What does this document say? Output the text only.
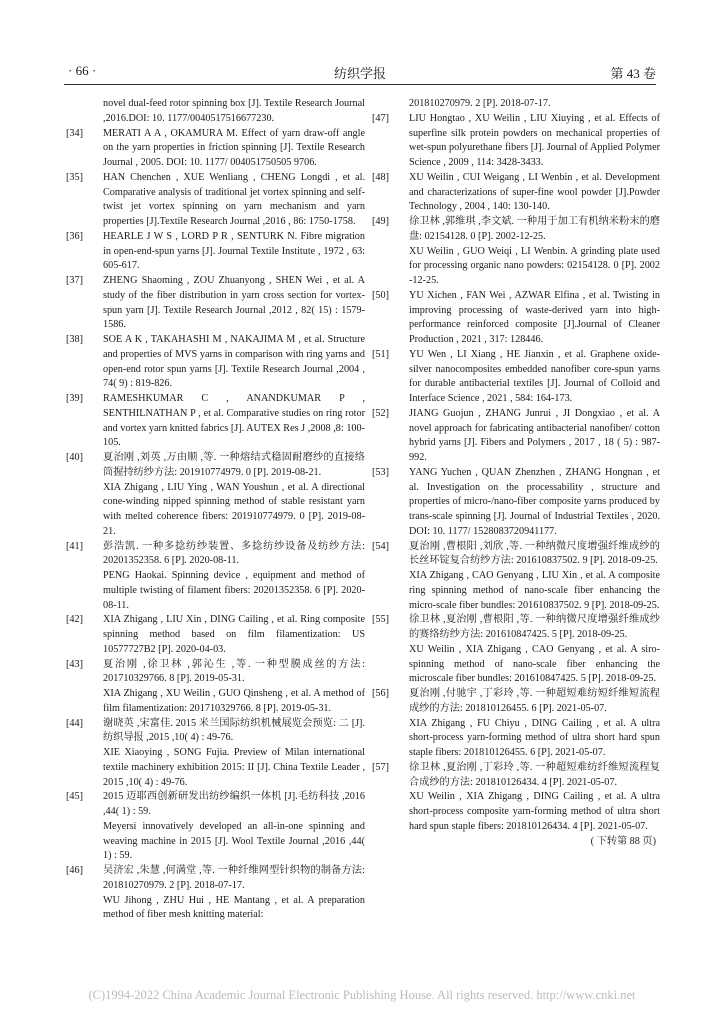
· 66 ·	纺织学报	第 43 卷

novel dual-feed rotor spinning box [J]. Textile Research Journal ,2016.DOI: 10. 1177/0040517516677230.

[34] MERATI A A , OKAMURA M. Effect of yarn draw-off angle on the yarn properties in friction spinning [J]. Textile Research Journal , 2005. DOI: 10. 1177/ 004051750505 9706.

[35] HAN Chenchen , XUE Wenliang , CHENG Longdi , et al. Comparative analysis of traditional jet vortex spinning and self-twist jet vortex spinning on yarn mechanism and yarn properties [J].Textile Research Journal ,2016 , 86: 1750-1758.

[36] HEARLE J W S , LORD P R , SENTURK N. Fibre migration in open-end-spun yarns [J]. Journal Textile Institute , 1972 , 63: 605-617.

[37] ZHENG Shaoming , ZOU Zhuanyong , SHEN Wei , et al. A study of the fiber distribution in yarn cross section for vortex-spun yarn [J]. Textile Research Journal ,2012 , 82( 15) : 1579-1586.

[38] SOE A K , TAKAHASHI M , NAKAJIMA M , et al. Structure and properties of MVS yarns in comparison with ring yarns and open-end rotor spun yarns [J]. Textile Research Journal ,2004 , 74( 9) : 819-826.

[39] RAMESHKUMAR C , ANANDKUMAR P , SENTHILNATHAN P , et al. Comparative studies on ring rotor and vortex yarn knitted fabrics [J]. AUTEX Res J ,2008 ,8: 100-105.

[40] 夏治刚 ,刘英 ,万由顺 ,等. 一种熔结式稳固耐磨纱的直接络筒握持纺纱方法: 201910774979. 0 [P]. 2019-08-21.

XIA Zhigang , LIU Ying , WAN Youshun , et al. A directional cone-winding nipped spinning method of stable resistant yarn with melted coherence fibers: 201910774979. 0 [P]. 2019-08-21.

[41] 彭浩凯. 一种多捻纺纱装置、多捻纺纱设备及纺纱方法: 20201352358. 6 [P]. 2020-08-11.

PENG Haokai. Spinning device , equipment and method of multiple twisting of filament fibers: 20201352358. 6 [P]. 2020-08-11.

[42] XIA Zhigang , LIU Xin , DING Cailing , et al. Ring composite spinning method based on film filamentization: US 10577727B2 [P]. 2020-04-03.

[43] 夏治刚 ,徐卫林 ,郭沁生 ,等. 一种型膜成丝的方法: 201710329766. 8 [P]. 2019-05-31.

XIA Zhigang , XU Weilin , GUO Qinsheng , et al. A method of film filamentization: 201710329766. 8 [P]. 2019-05-31.

[44] 谢晓英 ,宋富佳. 2015 米兰国际纺织机械展览会预览: 二 [J].纺织导报 ,2015 ,10( 4) : 49-76.

XIE Xiaoying , SONG Fujia. Preview of Milan international textile machinery exhibition 2015: II [J]. China Textile Leader , 2015 ,10( 4) : 49-76.

[45] 2015 迈耶西创新研发出纺纱编织一体机 [J].毛纺科技 ,2016 ,44( 1) : 59.

Meyersi innovatively developed an all-in-one spinning and weaving machine in 2015 [J]. Wool Textile Journal ,2016 ,44( 1) : 59.

[46] 吴济宏 ,朱慧 ,何满堂 ,等. 一种纤维网型针织物的制备方法: 201810270979. 2 [P]. 2018-07-17.

WU Jihong , ZHU Hui , HE Mantang , et al. A preparation method of fiber mesh knitting material:

201810270979. 2 [P]. 2018-07-17.

[47] LIU Hongtao , XU Weilin , LIU Xiuying , et al. Effects of superfine silk protein powders on mechanical properties of wet-spun polyurethane fibers [J]. Journal of Applied Polymer Science , 2009 , 114: 3428-3433.

[48] XU Weilin , CUI Weigang , LI Wenbin , et al. Development and characterizations of super-fine wool powder [J].Powder Technology , 2004 , 140: 130-140.

[49] 徐卫林 ,郭维琪 ,李文斌. 一种用于加工有机纳米粉末的磨盘: 02154128. 0 [P]. 2002-12-25.

XU Weilin , GUO Weiqi , LI Wenbin. A grinding plate used for processing organic nano powders: 02154128. 0 [P]. 2002 -12-25.

[50] YU Xichen , FAN Wei , AZWAR Elfina , et al. Twisting in improving processing of waste-derived yarn into high-performance reinforced composite [J].Journal of Cleaner Production , 2021 , 317: 128446.

[51] YU Wen , LI Xiang , HE Jianxin , et al. Graphene oxide-silver nanocomposites embedded nanofiber core-spun yarns for durable antibacterial textiles [J]. Journal of Colloid and Interface Science , 2021 , 584: 164-173.

[52] JIANG Guojun , ZHANG Junrui , JI Dongxiao , et al. A novel approach for fabricating antibacterial nanofiber/ cotton hybrid yarns [J]. Fibers and Polymers , 2017 , 18 ( 5) : 987-992.

[53] YANG Yuchen , QUAN Zhenzhen , ZHANG Hongnan , et al. Investigation on the processability , structure and properties of micro-/nano-fiber composite yarns produced by trans-scale spinning [J]. Journal of Industrial Textiles , 2020. DOI: 10. 1177/ 1528083720941177.

[54] 夏治刚 ,曹根阳 ,刘欣 ,等. 一种纳微尺度增强纤维成纱的长丝环锭复合纺纱方法: 201610837502. 9 [P]. 2018-09-25.

XIA Zhigang , CAO Genyang , LIU Xin , et al. A composite ring spinning method of nano-scale fiber enhancing the micro-scale fiber bundles: 201610837502. 9 [P]. 2018-09-25.

[55] 徐卫林 ,夏治刚 ,曹根阳 ,等. 一种纳微尺度增强纤维成纱的赛络纺纱方法: 201610847425. 5 [P]. 2018-09-25.

XU Weilin , XIA Zhigang , CAO Genyang , et al. A siro-spinning method of nano-scale fiber enhancing the microscale fiber bundles: 201610847425. 5 [P]. 2018-09-25.

[56] 夏治刚 ,付驰宇 ,丁彩玲 ,等. 一种超短难纺短纤维短流程成纱的方法: 201810126455. 6 [P]. 2021-05-07.

XIA Zhigang , FU Chiyu , DING Cailing , et al. A ultra short-process yarn-forming method of ultra short hard spun staple fibers: 201810126455. 6 [P]. 2021-05-07.

[57] 徐卫林 ,夏治刚 ,丁彩玲 ,等. 一种超短难纺纤维短流程复合成纱的方法: 201810126434. 4 [P]. 2021-05-07.

XU Weilin , XIA Zhigang , DING Cailing , et al. A ultra short-process composite yarn-forming method of ultra short hard spun staple fibers: 201810126434. 4 [P]. 2021-05-07.

( 下转第 88 页)
(C)1994-2022 China Academic Journal Electronic Publishing House. All rights reserved. http://www.cnki.net
